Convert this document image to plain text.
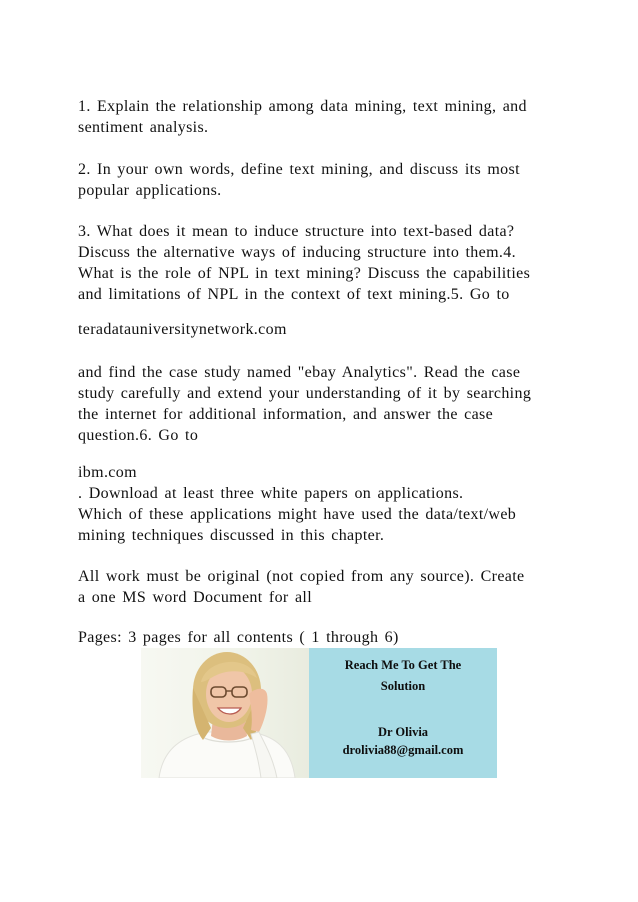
1. Explain the relationship among data mining, text mining, and
sentiment analysis.
2. In your own words, define text mining, and discuss its most
popular applications.
3. What does it mean to induce structure into text-based data?
Discuss the alternative ways of inducing structure into them.4.
What is the role of NPL in text mining? Discuss the capabilities
and limitations of NPL in the context of text mining.5. Go to
teradatauniversitynetwork.com
and find the case study named "ebay Analytics". Read the case
study carefully and extend your understanding of it by searching
the internet for additional information, and answer the case
question.6. Go to
ibm.com
. Download at least three white papers on applications.
Which of these applications might have used the data/text/web
mining techniques discussed in this chapter.
All work must be original (not copied from any source). Create
a one MS word Document for all
Pages: 3 pages for all contents ( 1 through 6)
Reach Me To Get The
Solution
Dr Olivia
drolivia88@gmail.com
